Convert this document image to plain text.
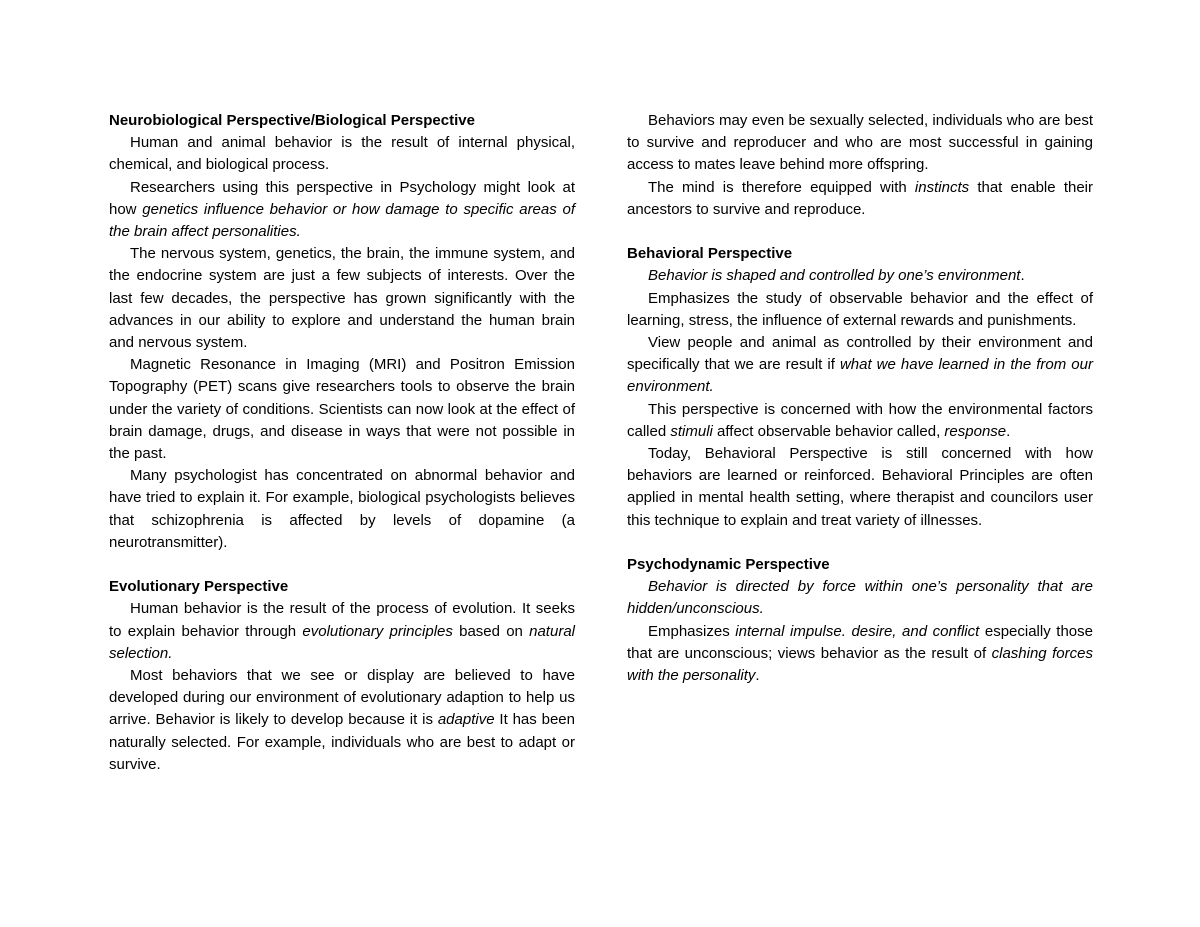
Neurobiological Perspective/Biological Perspective

Human and animal behavior is the result of internal physical, chemical, and biological process.

Researchers using this perspective in Psychology might look at how genetics influence behavior or how damage to specific areas of the brain affect personalities.

The nervous system, genetics, the brain, the immune system, and the endocrine system are just a few subjects of interests. Over the last few decades, the perspective has grown significantly with the advances in our ability to explore and understand the human brain and nervous system.

Magnetic Resonance in Imaging (MRI) and Positron Emission Topography (PET) scans give researchers tools to observe the brain under the variety of conditions. Scientists can now look at the effect of brain damage, drugs, and disease in ways that were not possible in the past.

Many psychologist has concentrated on abnormal behavior and have tried to explain it. For example, biological psychologists believes that schizophrenia is affected by levels of dopamine (a neurotransmitter).

Evolutionary Perspective

Human behavior is the result of the process of evolution. It seeks to explain behavior through evolutionary principles based on natural selection.

Most behaviors that we see or display are believed to have developed during our environment of evolutionary adaption to help us arrive. Behavior is likely to develop because it is adaptive It has been naturally selected. For example, individuals who are best to adapt or survive.

Behaviors may even be sexually selected, individuals who are best to survive and reproducer and who are most successful in gaining access to mates leave behind more offspring.

The mind is therefore equipped with instincts that enable their ancestors to survive and reproduce.

Behavioral Perspective

Behavior is shaped and controlled by one’s environment.

Emphasizes the study of observable behavior and the effect of learning, stress, the influence of external rewards and punishments.

View people and animal as controlled by their environment and specifically that we are result if what we have learned in the from our environment.

This perspective is concerned with how the environmental factors called stimuli affect observable behavior called, response.

Today, Behavioral Perspective is still concerned with how behaviors are learned or reinforced. Behavioral Principles are often applied in mental health setting, where therapist and councilors user this technique to explain and treat variety of illnesses.

Psychodynamic Perspective

Behavior is directed by force within one’s personality that are hidden/unconscious.

Emphasizes internal impulse. desire, and conflict especially those that are unconscious; views behavior as the result of clashing forces with the personality.
